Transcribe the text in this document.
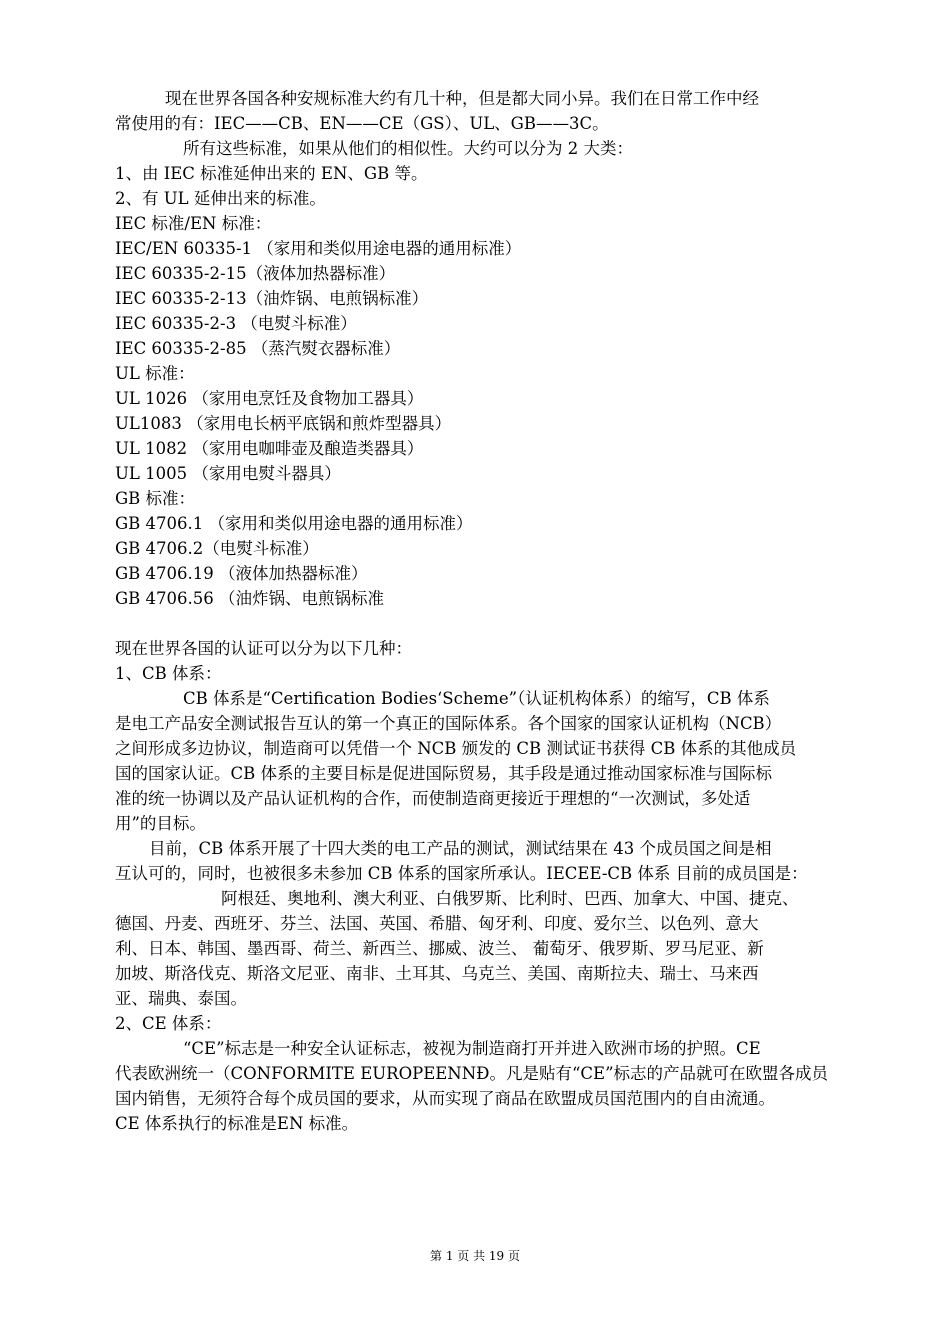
现在世界各国各种安规标准大约有几十种，但是都大同小异。我们在日常工作中经
常使用的有：IEC——CB、EN——CE（GS）、UL、GB——3C。
所有这些标准，如果从他们的相似性。大约可以分为 2 大类：
1、由 IEC 标准延伸出来的 EN、GB 等。
2、有 UL 延伸出来的标准。
IEC 标准/EN 标准：
IEC/EN 60335-1 （家用和类似用途电器的通用标准）
IEC 60335-2-15（液体加热器标准）
IEC 60335-2-13（油炸锅、电煎锅标准）
IEC 60335-2-3 （电熨斗标准）
IEC 60335-2-85 （蒸汽熨衣器标准）
UL 标准：
UL 1026 （家用电烹饪及食物加工器具）
UL1083 （家用电长柄平底锅和煎炸型器具）
UL 1082 （家用电咖啡壶及酿造类器具）
UL 1005 （家用电熨斗器具）
GB 标准：
GB 4706.1 （家用和类似用途电器的通用标准）
GB 4706.2（电熨斗标准）
GB 4706.19 （液体加热器标准）
GB 4706.56 （油炸锅、电煎锅标准
现在世界各国的认证可以分为以下几种：
1、CB 体系：
CB 体系是“Certification Bodies‘Scheme”（认证机构体系）的缩写，CB 体系
是电工产品安全测试报告互认的第一个真正的国际体系。各个国家的国家认证机构（NCB）
之间形成多边协议，制造商可以凭借一个 NCB 颁发的 CB 测试证书获得 CB 体系的其他成员
国的国家认证。CB 体系的主要目标是促进国际贸易，其手段是通过推动国家标准与国际标
准的统一协调以及产品认证机构的合作，而使制造商更接近于理想的“一次测试，多处适
用”的目标。
目前，CB 体系开展了十四大类的电工产品的测试，测试结果在 43 个成员国之间是相
互认可的，同时，也被很多未参加 CB 体系的国家所承认。IECEE-CB 体系 目前的成员国是：
阿根廷、奥地利、澳大利亚、白俄罗斯、比利时、巴西、加拿大、中国、捷克、
德国、丹麦、西班牙、芬兰、法国、英国、希腊、匈牙利、印度、爱尔兰、以色列、意大
利、日本、韩国、墨西哥、荷兰、新西兰、挪威、波兰、 葡萄牙、俄罗斯、罗马尼亚、新
加坡、斯洛伐克、斯洛文尼亚、南非、土耳其、乌克兰、美国、南斯拉夫、瑞士、马来西
亚、瑞典、泰国。
2、CE 体系：
“CE”标志是一种安全认证标志，被视为制造商打开并进入欧洲市场的护照。CE
代表欧洲统一（CONFORMITE EUROPEENNÐ。凡是贴有“CE”标志的产品就可在欧盟各成员
国内销售，无须符合每个成员国的要求，从而实现了商品在欧盟成员国范围内的自由流通。
CE 体系执行的标准是EN 标准。
第 1 页 共 19 页
